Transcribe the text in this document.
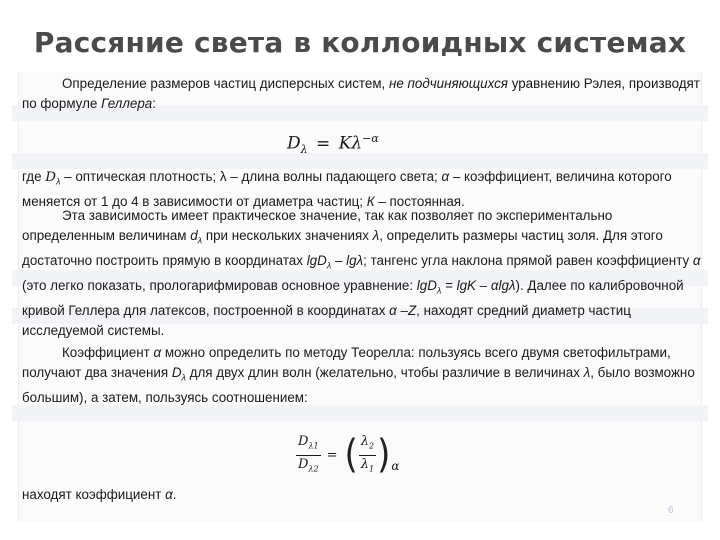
Рассяние света в коллоидных системах

Определение размеров частиц дисперсных систем, не подчиняющихся уравнению Рэлея, производят по формуле Геллера:

$D_\lambda = K\lambda^{-\alpha}$

где $D_\lambda$ – оптическая плотность; λ – длина волны падающего света; α – коэффициент, величина которого меняется от 1 до 4 в зависимости от диаметра частиц; К – постоянная.

Эта зависимость имеет практическое значение, так как позволяет по экспериментально определенным величинам $d_\lambda$ при нескольких значениях λ, определить размеры частиц золя. Для этого достаточно построить прямую в координатах lgD$_\lambda$ – lgλ; тангенс угла наклона прямой равен коэффициенту α (это легко показать, прологарифмировав основное уравнение: lgD$_\lambda$ = lgK – αlgλ). Далее по калибровочной кривой Геллера для латексов, построенной в координатах α –Z, находят средний диаметр частиц исследуемой системы.

Коэффициент α можно определить по методу Теорелла: пользуясь всего двумя светофильтрами, получают два значения $D_\lambda$ для двух длин волн (желательно, чтобы различие в величинах λ, было возможно большим), а затем, пользуясь соотношением:

$\frac{D_{\lambda 1}}{D_{\lambda 2}}$ = ( $\frac{\lambda_2}{\lambda_1}$ ) α

находят коэффициент α.

6
